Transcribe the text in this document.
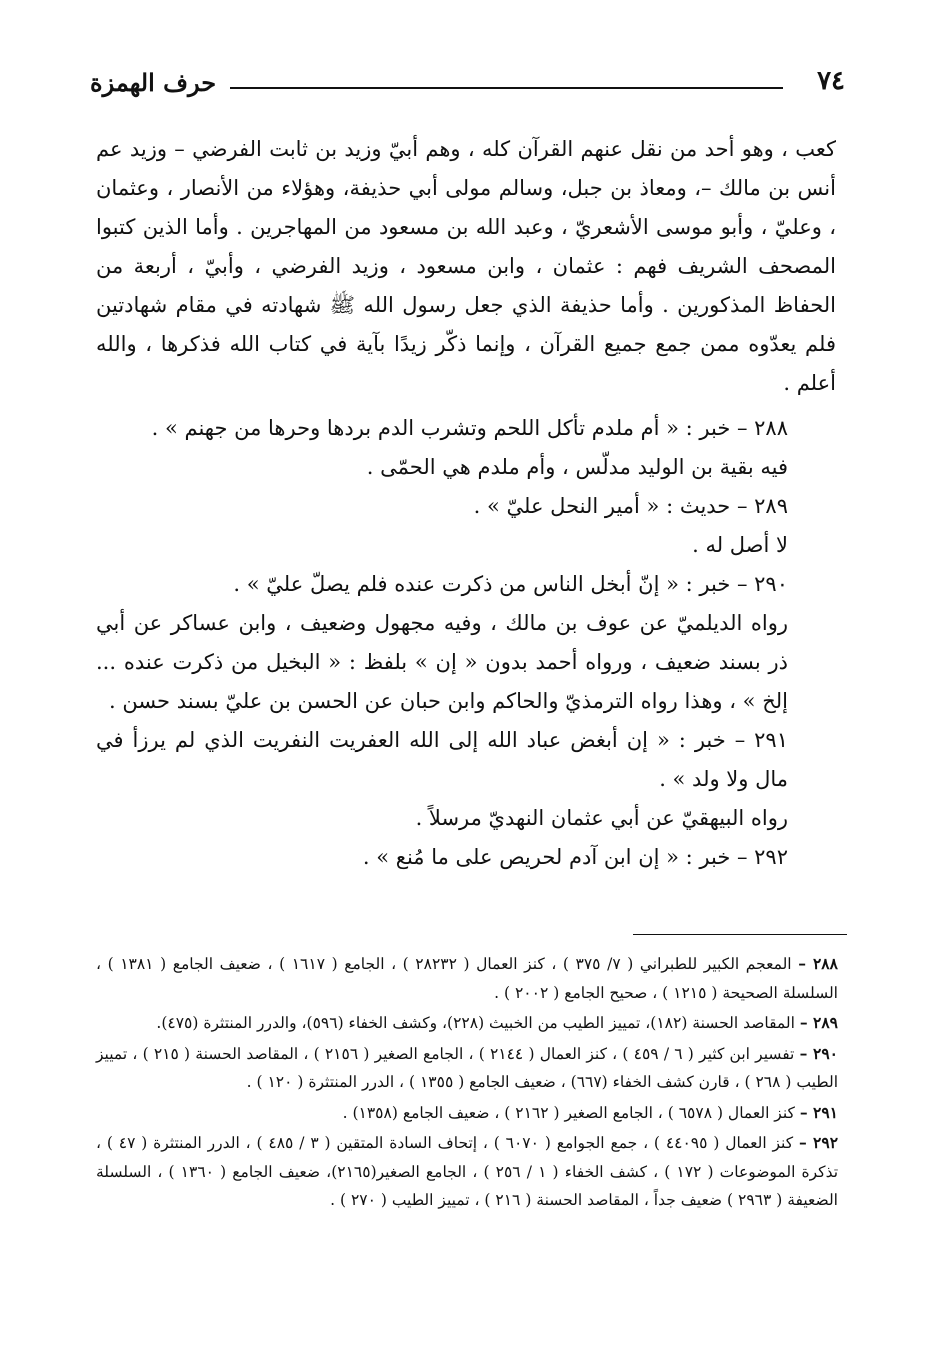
٧٤
حرف الهمزة

كعب ، وهو أحد من نقل عنهم القرآن كله ، وهم أبيّ وزيد بن ثابت الفرضي – وزيد عم أنس بن مالك –، ومعاذ بن جبل، وسالم مولى أبي حذيفة، وهؤلاء من الأنصار ، وعثمان ، وعليّ ، وأبو موسى الأشعريّ ، وعبد الله بن مسعود من المهاجرين . وأما الذين كتبوا المصحف الشريف فهم : عثمان ، وابن مسعود ، وزيد الفرضي ، وأبيّ ، أربعة من الحفاظ المذكورين . وأما حذيفة الذي جعل رسول الله ﷺ شهادته في مقام شهادتين فلم يعدّوه ممن جمع جميع القرآن ، وإنما ذكّر زيدًا بآية في كتاب الله فذكرها ، والله أعلم .

٢٨٨ – خبر : « أم ملدم تأكل اللحم وتشرب الدم بردها وحرها من جهنم » .

فيه بقية بن الوليد مدلّس ، وأم ملدم هي الحمّى .

٢٨٩ – حديث : « أمير النحل عليّ » .

لا أصل له .

٢٩٠ – خبر : « إنّ أبخل الناس من ذكرت عنده فلم يصلّ عليّ » .

رواه الديلميّ عن عوف بن مالك ، وفيه مجهول وضعيف ، وابن عساكر عن أبي ذر بسند ضعيف ، ورواه أحمد بدون « إن » بلفظ : « البخيل من ذكرت عنده ... إلخ » ، وهذا رواه الترمذيّ والحاكم وابن حبان عن الحسن بن عليّ بسند حسن .

٢٩١ – خبر : « إن أبغض عباد الله إلى الله العفريت النفريت الذي لم يرزأ في مال ولا ولد » .

رواه البيهقيّ عن أبي عثمان النهديّ مرسلاً .

٢٩٢ – خبر : « إن ابن آدم لحريص على ما مُنع » .

٢٨٨ – المعجم الكبير للطبراني ( ٧/ ٣٧٥ ) ، كنز العمال ( ٢٨٢٣٢ ) ، الجامع ( ١٦١٧ ) ، ضعيف الجامع ( ١٣٨١ ) ، السلسلة الصحيحة ( ١٢١٥ ) ، صحيح الجامع ( ٢٠٠٢ ) .

٢٨٩ – المقاصد الحسنة (١٨٢)، تمييز الطيب من الخبيث (٢٢٨)، وكشف الخفاء (٥٩٦)، والدرر المنتثرة (٤٧٥).

٢٩٠ – تفسير ابن كثير ( ٦ / ٤٥٩ ) ، كنز العمال ( ٢١٤٤ ) ، الجامع الصغير ( ٢١٥٦ ) ، المقاصد الحسنة ( ٢١٥ ) ، تمييز الطيب ( ٢٦٨ ) ، قارن كشف الخفاء (٦٦٧) ، ضعيف الجامع ( ١٣٥٥ ) ، الدرر المنتثرة ( ١٢٠ ) .

٢٩١ – كنز العمال ( ٦٥٧٨ ) ، الجامع الصغير ( ٢١٦٢ ) ، ضعيف الجامع (١٣٥٨) .

٢٩٢ – كنز العمال ( ٤٤٠٩٥ ) ، جمع الجوامع ( ٦٠٧٠ ) ، إتحاف السادة المتقين ( ٣ / ٤٨٥ ) ، الدرر المنتثرة ( ٤٧ ) ، تذكرة الموضوعات ( ١٧٢ ) ، كشف الخفاء ( ١ / ٢٥٦ ) ، الجامع الصغير(٢١٦٥)، ضعيف الجامع ( ١٣٦٠ ) ، السلسلة الضعيفة ( ٢٩٦٣ ) ضعيف جداً ، المقاصد الحسنة ( ٢١٦ ) ، تمييز الطيب ( ٢٧٠ ) .
